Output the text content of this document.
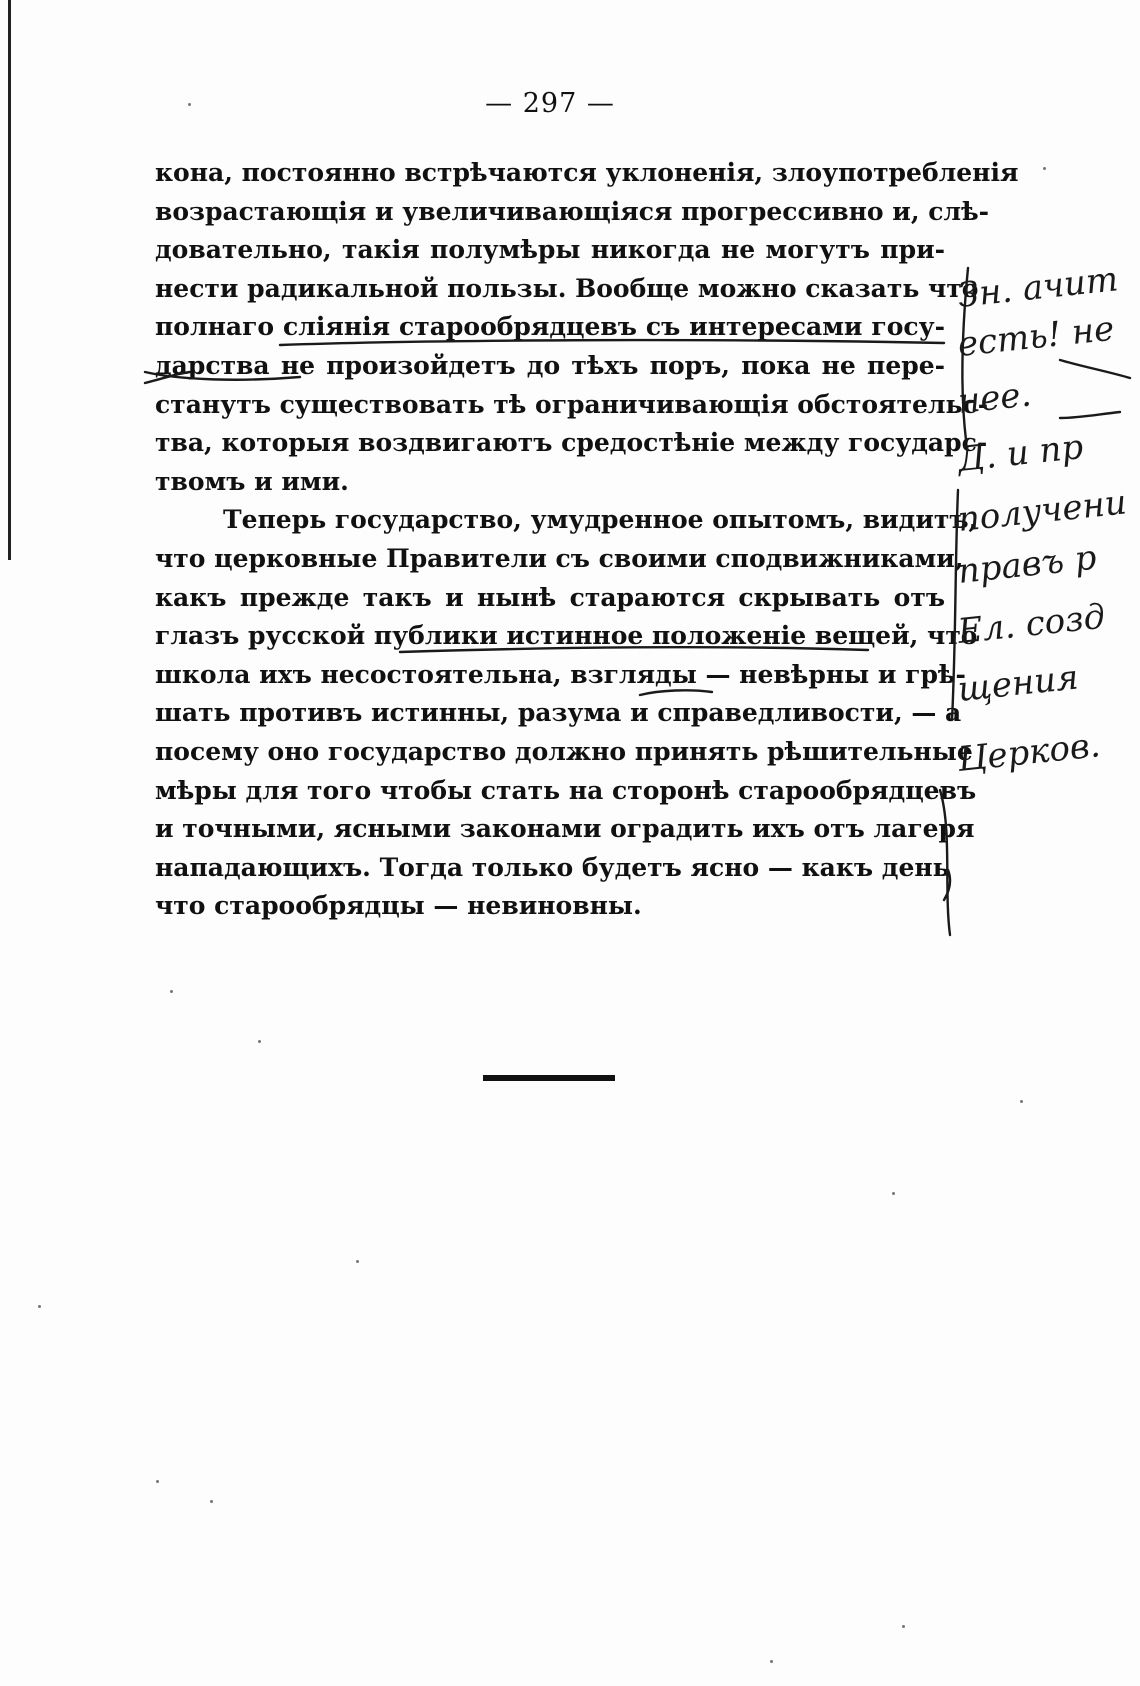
— 297 —
кона, постоянно встрѣчаются уклоненія, злоупотребленія
возрастающія и увеличивающіяся прогрессивно и, слѣ-
довательно, такія полумѣры никогда не могутъ при-
нести радикальной пользы. Вообще можно сказать что
полнаго сліянія старообрядцевъ съ интересами госу-
дарства не произойдетъ до тѣхъ поръ, пока не пере-
станутъ существовать тѣ ограничивающія обстоятельс-
тва, которыя воздвигаютъ средостѣніе между государс-
твомъ и ими.
Теперь государство, умудренное опытомъ, видитъ,
что церковные Правители съ своими сподвижниками,
какъ прежде такъ и нынѣ стараются скрывать отъ
глазъ русской публики истинное положеніе вещей, что
школа ихъ несостоятельна, взгляды — невѣрны и грѣ-
шать противъ истинны, разума и справедливости, — а
посему оно государство должно принять рѣшительные
мѣры для того чтобы стать на сторонѣ старообрядцевъ
и точными, ясными законами оградить ихъ отъ лагеря
нападающихъ. Тогда только будетъ ясно — какъ день
что старообрядцы — невиновны.
Зн. ачит
есть! не
нее.
Д. и пр
получени
правъ р
Ел. созд
щения
Церков.
